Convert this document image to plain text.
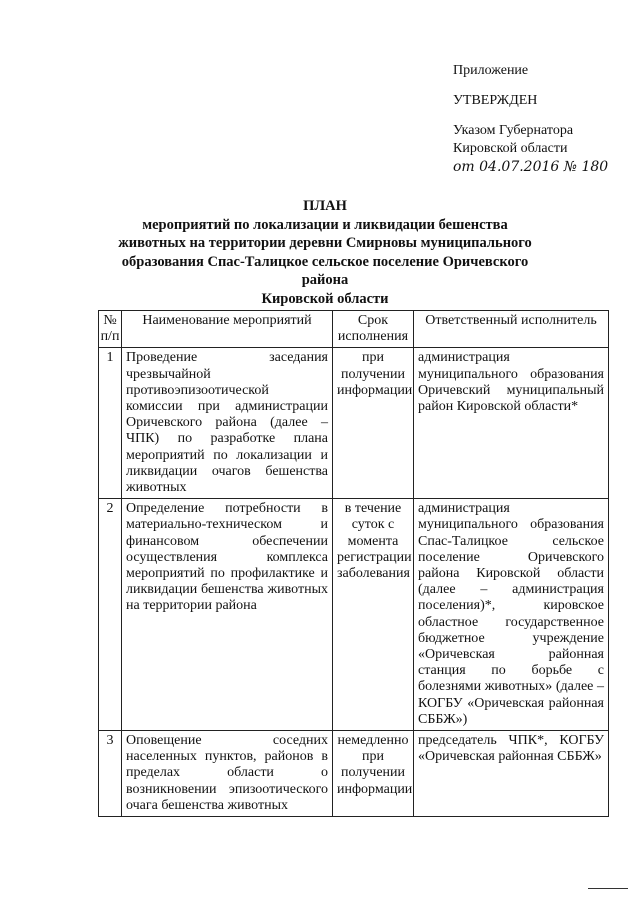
Приложение
УТВЕРЖДЕН
Указом Губернатора
Кировской области
от 04.07.2016 № 180
ПЛАН
мероприятий по локализации и ликвидации бешенства
животных на территории деревни Смирновы муниципального
образования Спас-Талицкое сельское поселение Оричевского района
Кировской области
№ п/п	Наименование мероприятий	Срок исполнения	Ответственный исполнитель
1	Проведение заседания чрезвычайной противоэпизоотической комиссии при администрации Оричевского района (далее – ЧПК) по разработке плана мероприятий по локализации и ликвидации очагов бешенства животных	при получении информации	администрация муниципального образования Оричевский муниципальный район Кировской области*
2	Определение потребности в материально-техническом и финансовом обеспечении осуществления комплекса мероприятий по профилактике и ликвидации бешенства животных на территории района	в течение суток с момента регистрации заболевания	администрация муниципального образования Спас-Талицкое сельское поселение Оричевского района Кировской области (далее – администрация поселения)*, кировское областное государственное бюджетное учреждение «Оричевская районная станция по борьбе с болезнями животных» (далее – КОГБУ «Оричевская районная СББЖ»)
3	Оповещение соседних населенных пунктов, районов в пределах области о возникновении эпизоотического очага бешенства животных	немедленно при получении информации	председатель ЧПК*, КОГБУ «Оричевская районная СББЖ»
